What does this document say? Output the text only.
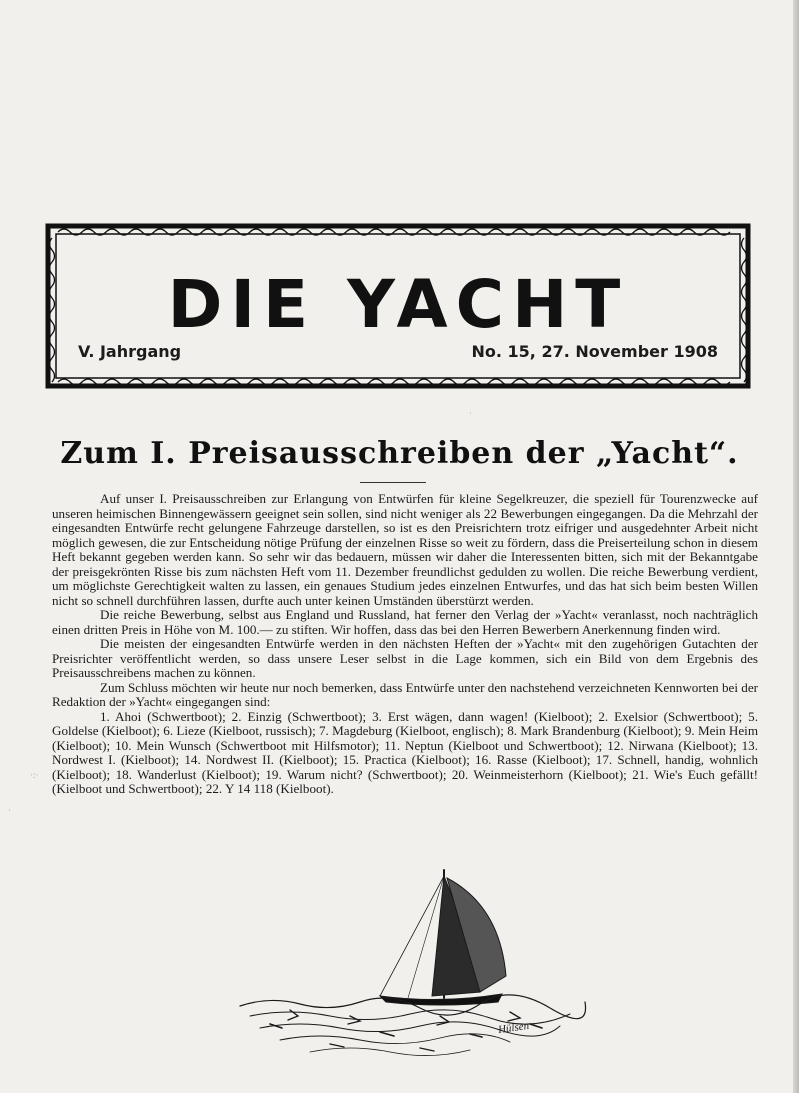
DIE YACHT
V. Jahrgang	No. 15, 27. November 1908
·
Zum I. Preisausschreiben der „Yacht“.

Auf unser I. Preisausschreiben zur Erlangung von Entwürfen für kleine Segelkreuzer, die speziell für Tourenzwecke auf unseren heimischen Binnengewässern geeignet sein sollen, sind nicht weniger als 22 Bewerbungen eingegangen. Da die Mehrzahl der eingesandten Entwürfe recht gelungene Fahrzeuge darstellen, so ist es den Preisrichtern trotz eifriger und ausgedehnter Arbeit nicht möglich gewesen, die zur Entscheidung nötige Prüfung der einzelnen Risse so weit zu fördern, dass die Preiserteilung schon in diesem Heft bekannt gegeben werden kann. So sehr wir das bedauern, müssen wir daher die Interessenten bitten, sich mit der Bekanntgabe der preisgekrönten Risse bis zum nächsten Heft vom 11. Dezember freundlichst gedulden zu wollen. Die reiche Bewerbung verdient, um möglichste Gerechtigkeit walten zu lassen, ein genaues Studium jedes einzelnen Entwurfes, und das hat sich beim besten Willen nicht so schnell durchführen lassen, durfte auch unter keinen Umständen überstürzt werden.

Die reiche Bewerbung, selbst aus England und Russland, hat ferner den Verlag der »Yacht« veranlasst, noch nachträglich einen dritten Preis in Höhe von M. 100.— zu stiften. Wir hoffen, dass das bei den Herren Bewerbern Anerkennung finden wird.

Die meisten der eingesandten Entwürfe werden in den nächsten Heften der »Yacht« mit den zugehörigen Gutachten der Preisrichter veröffentlicht werden, so dass unsere Leser selbst in die Lage kommen, sich ein Bild von dem Ergebnis des Preisausschreibens machen zu können.

Zum Schluss möchten wir heute nur noch bemerken, dass Entwürfe unter den nachstehend verzeichneten Kennworten bei der Redaktion der »Yacht« eingegangen sind:

1. Ahoi (Schwertboot); 2. Einzig (Schwertboot); 3. Erst wägen, dann wagen! (Kielboot); 2. Exelsior (Schwertboot); 5. Goldelse (Kielboot); 6. Lieze (Kielboot, russisch); 7. Magdeburg (Kielboot, englisch); 8. Mark Brandenburg (Kielboot); 9. Mein Heim (Kielboot); 10. Mein Wunsch (Schwertboot mit Hilfsmotor); 11. Neptun (Kielboot und Schwertboot); 12. Nirwana (Kielboot); 13. Nordwest I. (Kielboot); 14. Nordwest II. (Kielboot); 15. Practica (Kielboot); 16. Rasse (Kielboot); 17. Schnell, handig, wohnlich (Kielboot); 18. Wanderlust (Kielboot); 19. Warum nicht? (Schwertboot); 20. Weinmeisterhorn (Kielboot); 21. Wie's Euch gefällt! (Kielboot und Schwertboot); 22. Y 14 118 (Kielboot).

·:·
·
Hülsen
